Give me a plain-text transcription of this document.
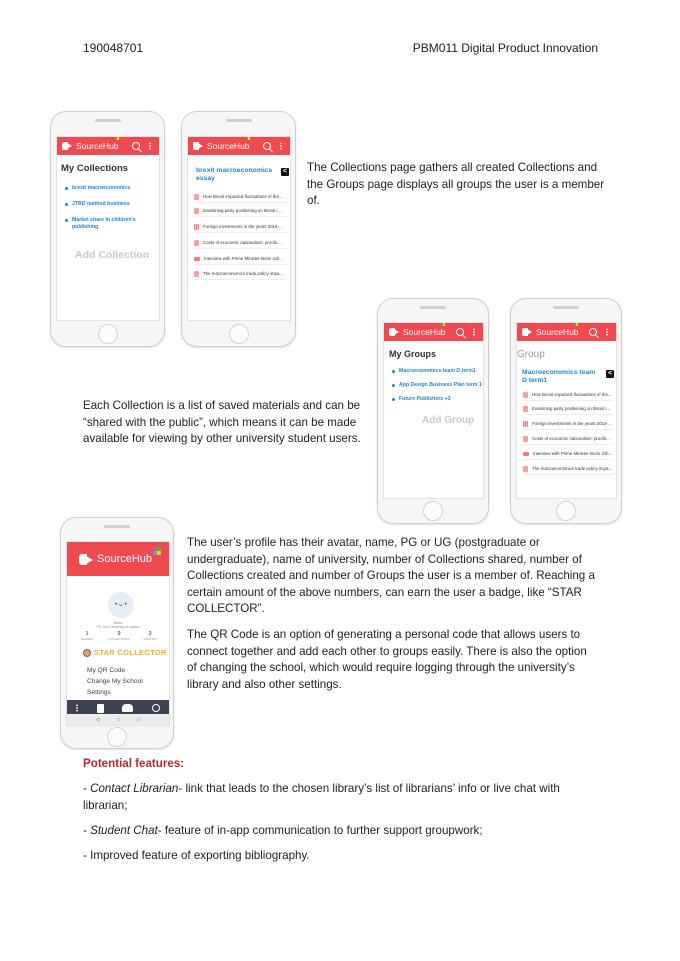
190048701	PBM011 Digital Product Innovation
SourceHub
My Collections
brexit macroeconomics
JTBD method business
Market share in children's publishing
Add Collection
SourceHub
brexit macroeconomics essay
<
How Brexit impacted fluctuations of the...
Examining party positioning on Brexit i...
Foreign investments in the years 2016-...
Costs of economic nationalism: proofs...
Interview with Prime Minister Boris Joh...
The macroeconomics trade policy impa...
The Collections page gathers all created Collections and the Groups page displays all groups the user is a member of.
Each Collection is a list of saved materials and can be “shared with the public”, which means it can be made available for viewing by other university student users.
SourceHub
My Groups
Macroeconomics team D term1
App Design Business Plan term 1
Future Publishers +3
Add Group
SourceHub
Group
Macroeconomics team D term1
<
How Brexit impacted fluctuations of the...
Examining party positioning on Brexit i...
Foreign investments in the years 2016-...
Costs of economic nationalism: proofs...
Interview with Prime Minister Boris Joh...
The macroeconomics trade policy impa...
SourceHub
•ᴗ•
Name
PG, Uni / University of London
1
SHARES
9
COLLECTIONS
3
GROUPS
STAR COLLECTOR
My QR Code
Change My School
Settings
◁	○	□
The user’s profile has their avatar, name, PG or UG (postgraduate or undergraduate), name of university, number of Collections shared, number of Collections created and number of Groups the user is a member of. Reaching a certain amount of the above numbers, can earn the user a badge, like “STAR COLLECTOR”.
The QR Code is an option of generating a personal code that allows users to connect together and add each other to groups easily. There is also the option of changing the school, which would require logging through the university’s library and also other settings.
Potential features:
- Contact Librarian- link that leads to the chosen library’s list of librarians’ info or live chat with librarian;
- Student Chat- feature of in-app communication to further support groupwork;
- Improved feature of exporting bibliography.
